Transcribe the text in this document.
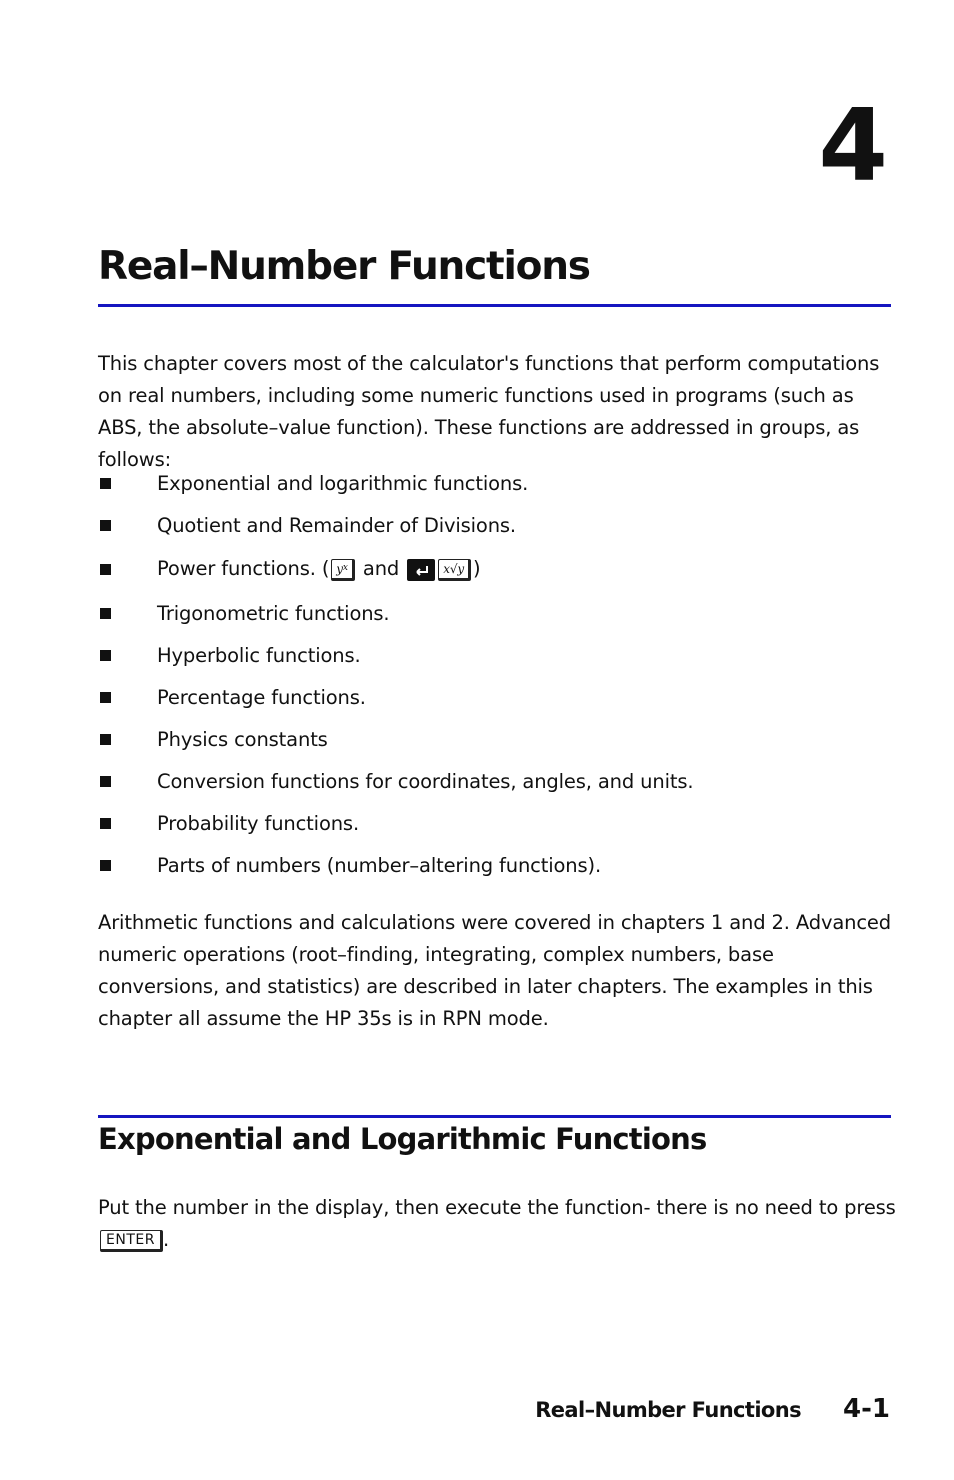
4
Real–Number Functions

This chapter covers most of the calculator's functions that perform computations on real numbers, including some numeric functions used in programs (such as ABS, the absolute–value function). These functions are addressed in groups, as follows:

Exponential and logarithmic functions.
Quotient and Remainder of Divisions.
Power functions. ( y x and	x√y )
Trigonometric functions.
Hyperbolic functions.
Percentage functions.
Physics constants
Conversion functions for coordinates, angles, and units.
Probability functions.
Parts of numbers (number–altering functions).

Arithmetic functions and calculations were covered in chapters 1 and 2. Advanced numeric operations (root–finding, integrating, complex numbers, base conversions, and statistics) are described in later chapters. The examples in this chapter all assume the HP 35s is in RPN mode.

Exponential and Logarithmic Functions

Put the number in the display, then execute the function- there is no need to press
ENTER .

Real–Number Functions 4-1
